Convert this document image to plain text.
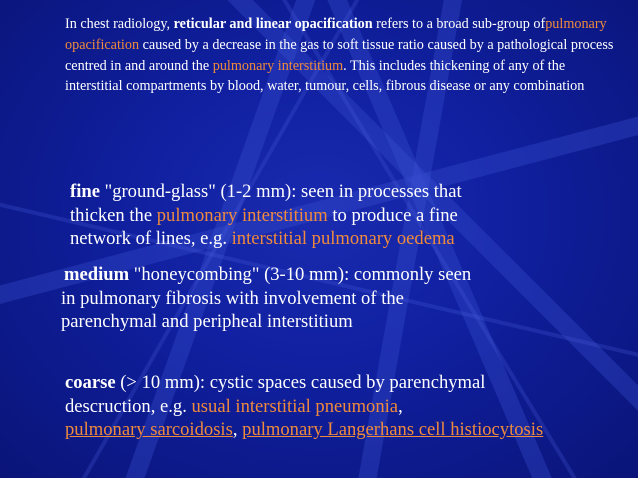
In chest radiology, reticular and linear opacification refers to a broad sub-group ofpulmonary opacification caused by a decrease in the gas to soft tissue ratio caused by a pathological process centred in and around the pulmonary interstitium. This includes thickening of any of the interstitial compartments by blood, water, tumour, cells, fibrous disease or any combination
fine "ground-glass" (1-2 mm): seen in processes that
thicken the pulmonary interstitium to produce a fine
network of lines, e.g. interstitial pulmonary oedema
medium "honeycombing" (3-10 mm): commonly seen
in pulmonary fibrosis with involvement of the
parenchymal and peripheal interstitium
coarse (> 10 mm): cystic spaces caused by parenchymal
descruction, e.g. usual interstitial pneumonia,
pulmonary sarcoidosis, pulmonary Langerhans cell histiocytosis
